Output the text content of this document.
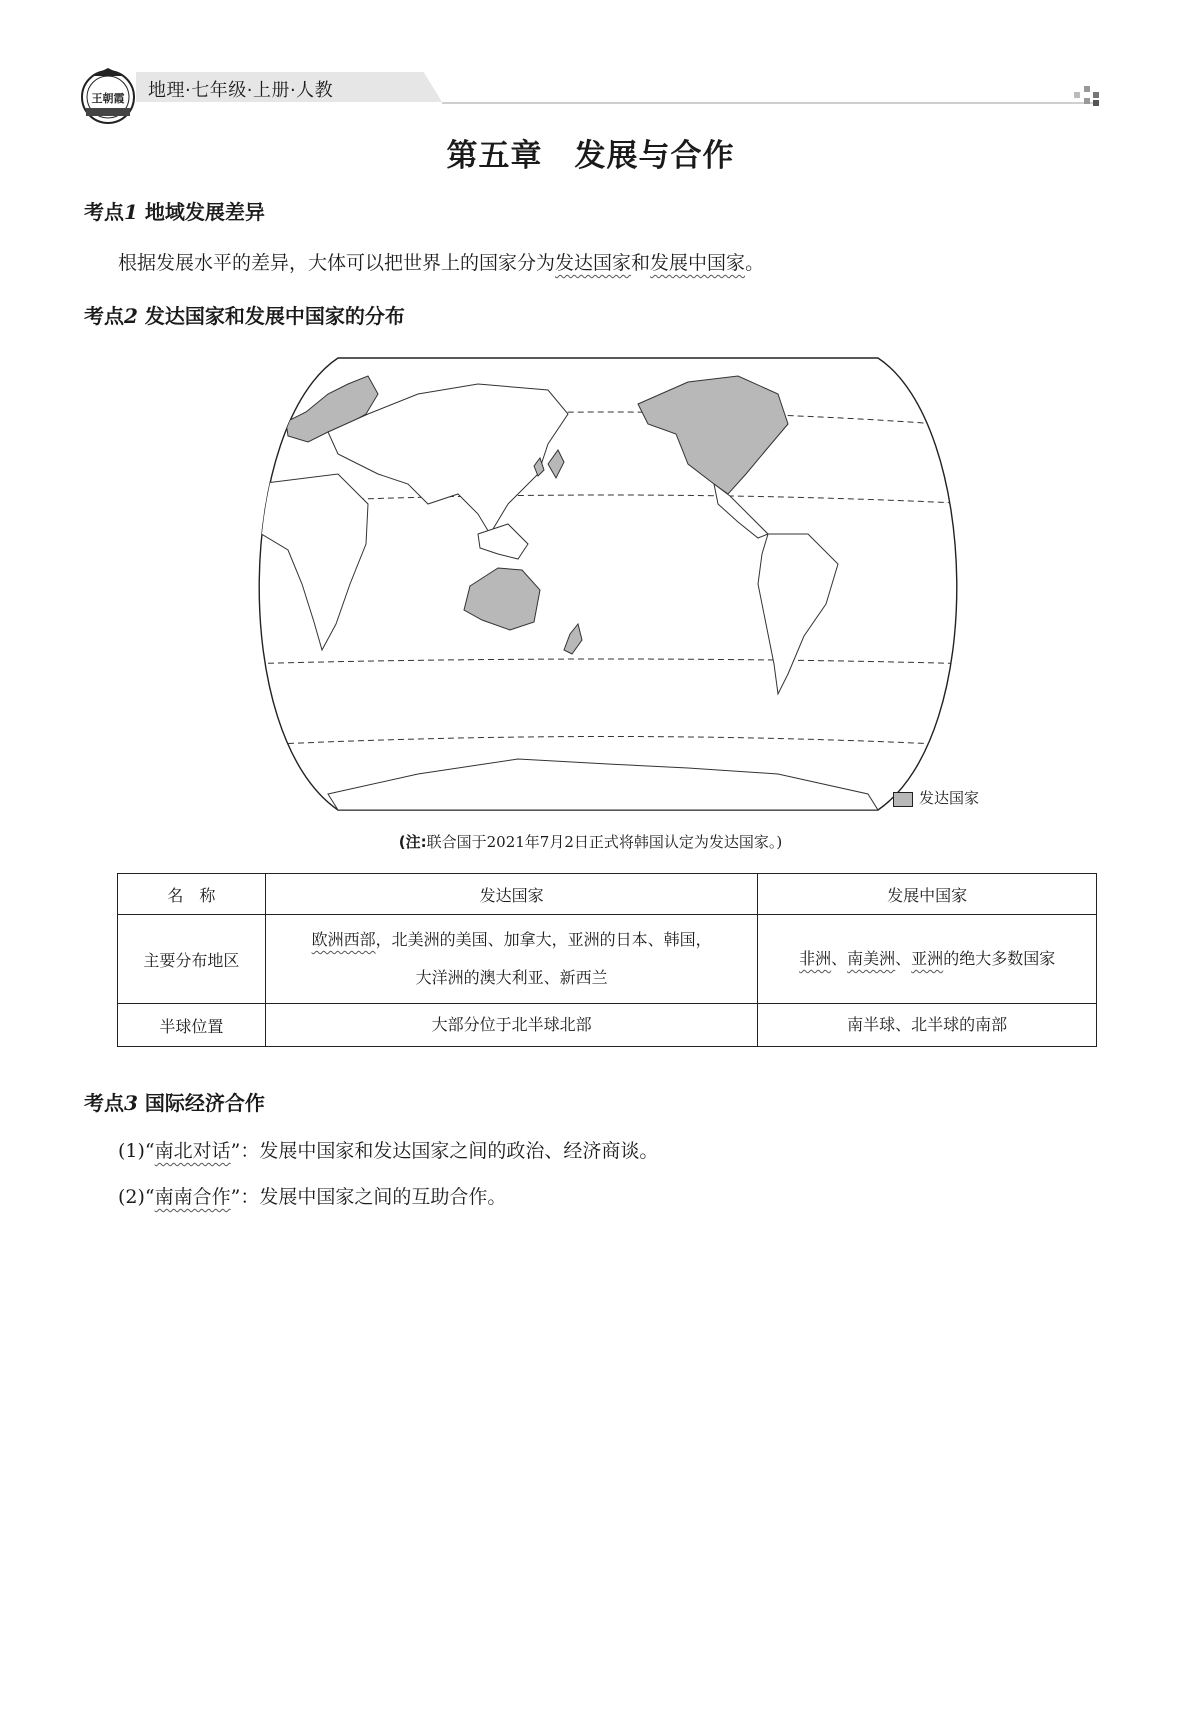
王朝霞 地理·七年级·上册·人教
第五章　发展与合作
考点1 地域发展差异
根据发展水平的差异，大体可以把世界上的国家分为发达国家和发展中国家。
考点2 发达国家和发展中国家的分布
发达国家
(注:联合国于2021年7月2日正式将韩国认定为发达国家。)
名　称	发达国家	发展中国家
主要分布地区	欧洲西部，北美洲的美国、加拿大，亚洲的日本、韩国，
大洋洲的澳大利亚、新西兰	非洲、南美洲、亚洲的绝大多数国家
半球位置	大部分位于北半球北部	南半球、北半球的南部
考点3 国际经济合作
(1)“南北对话”：发展中国家和发达国家之间的政治、经济商谈。
(2)“南南合作”：发展中国家之间的互助合作。
